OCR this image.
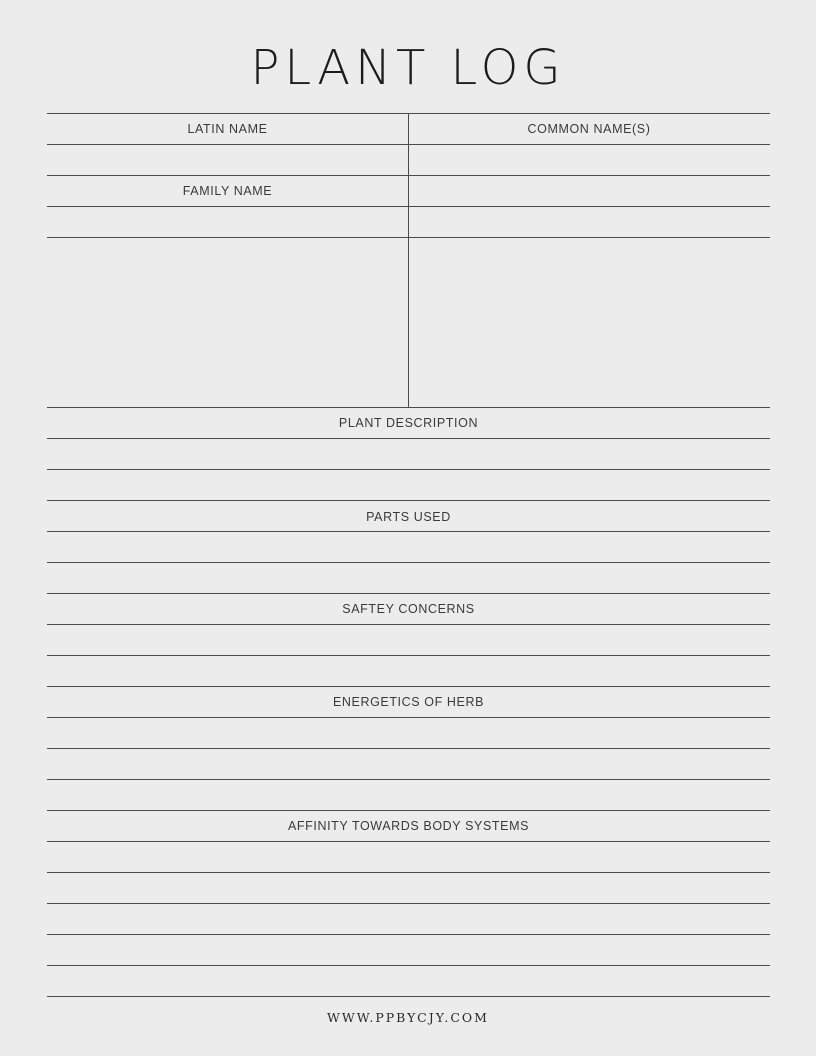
PLANT LOG
LATIN NAME	COMMON NAME(S)
FAMILY NAME
PLANT DESCRIPTION
PARTS USED
SAFTEY CONCERNS
ENERGETICS OF HERB
AFFINITY TOWARDS BODY SYSTEMS
WWW.PPBYCJY.COM
